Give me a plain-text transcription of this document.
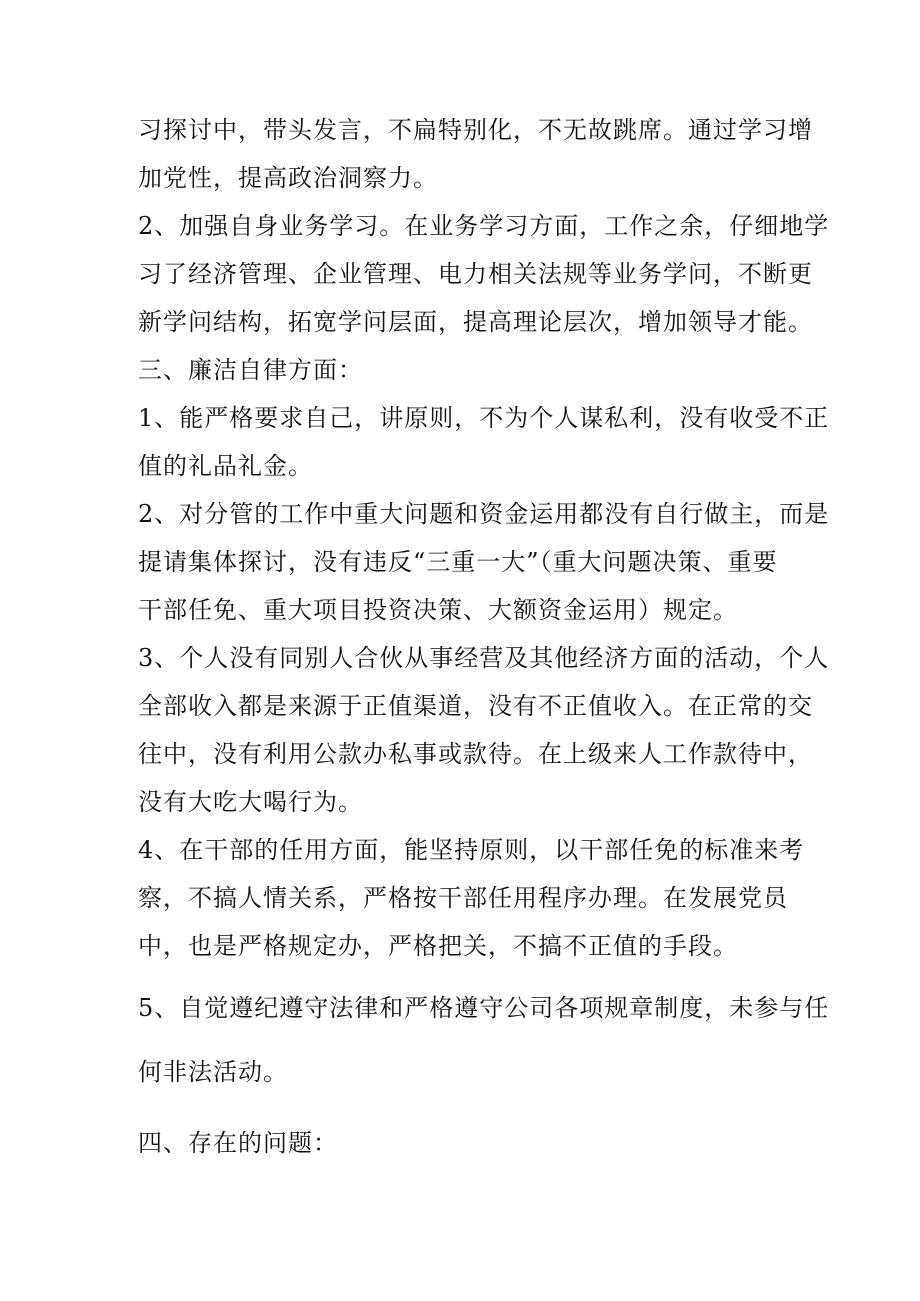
习探讨中，带头发言，不扁特别化，不无故跳席。通过学习增

加党性，提高政治洞察力。

2、加强自身业务学习。在业务学习方面，工作之余，仔细地学

习了经济管理、企业管理、电力相关法规等业务学问，不断更

新学问结构，拓宽学问层面，提高理论层次，增加领导才能。

三、廉洁自律方面：

1、能严格要求自己，讲原则，不为个人谋私利，没有收受不正

值的礼品礼金。

2、对分管的工作中重大问题和资金运用都没有自行做主，而是

提请集体探讨，没有违反“三重一大”（重大问题决策、重要

干部任免、重大项目投资决策、大额资金运用）规定。

3、个人没有同别人合伙从事经营及其他经济方面的活动，个人

全部收入都是来源于正值渠道，没有不正值收入。在正常的交

往中，没有利用公款办私事或款待。在上级来人工作款待中，

没有大吃大喝行为。

4、在干部的任用方面，能坚持原则，以干部任免的标准来考

察，不搞人情关系，严格按干部任用程序办理。在发展党员

中，也是严格规定办，严格把关，不搞不正值的手段。

5、自觉遵纪遵守法律和严格遵守公司各项规章制度，未参与任

何非法活动。

四、存在的问题：
